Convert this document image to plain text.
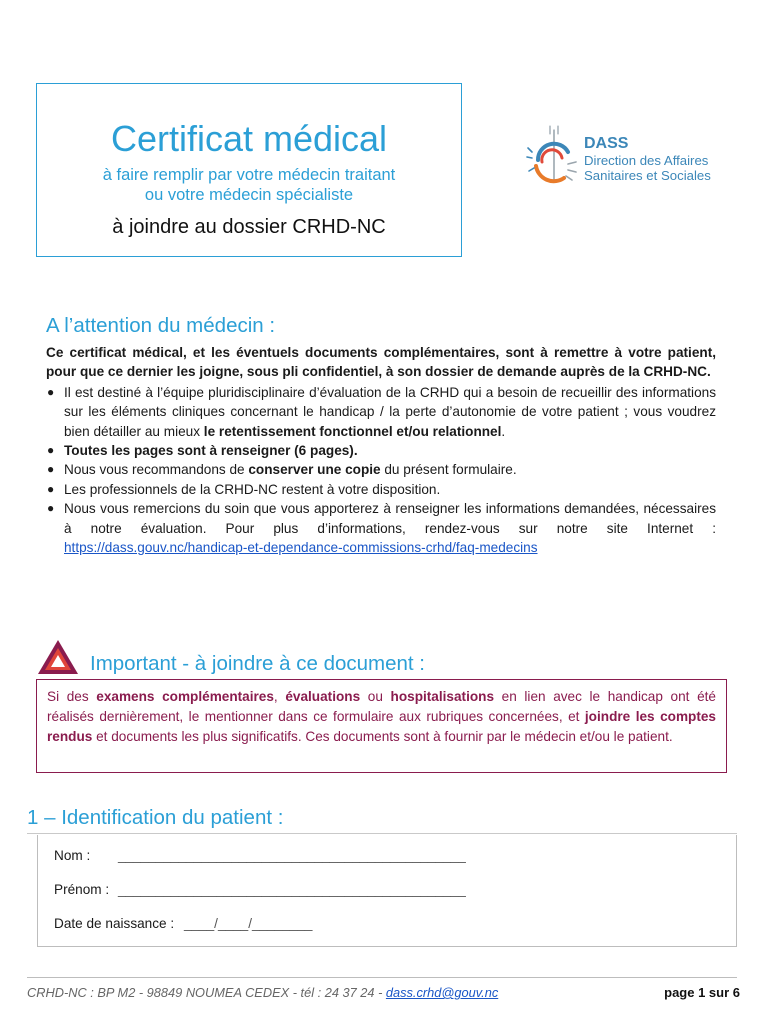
Certificat médical
à faire remplir par votre médecin traitant
ou votre médecin spécialiste
à joindre au dossier CRHD-NC
DASS
Direction des Affaires
Sanitaires et Sociales
A l’attention du médecin :

Ce certificat médical, et les éventuels documents complémentaires, sont à remettre à votre patient, pour que ce dernier les joigne, sous pli confidentiel, à son dossier de demande auprès de la CRHD-NC.

● Il est destiné à l’équipe pluridisciplinaire d’évaluation de la CRHD qui a besoin de recueillir des informations sur les éléments cliniques concernant le handicap / la perte d’autonomie de votre patient ; vous voudrez bien détailler au mieux le retentissement fonctionnel et/ou relationnel.
● Toutes les pages sont à renseigner (6 pages).
● Nous vous recommandons de conserver une copie du présent formulaire.
● Les professionnels de la CRHD-NC restent à votre disposition.
● Nous vous remercions du soin que vous apporterez à renseigner les informations demandées, nécessaires à notre évaluation. Pour plus d’informations, rendez-vous sur notre site Internet : https://dass.gouv.nc/handicap-et-dependance-commissions-crhd/faq-medecins
Important - à joindre à ce document :
Si des examens complémentaires, évaluations ou hospitalisations en lien avec le handicap ont été réalisés dernièrement, le mentionner dans ce formulaire aux rubriques concernées, et joindre les comptes rendus et documents les plus significatifs. Ces documents sont à fournir par le médecin et/ou le patient.
1 – Identification du patient :
Nom : ______________________________________________
Prénom : ______________________________________________
Date de naissance : ____/____/________
CRHD-NC : BP M2 - 98849 NOUMEA CEDEX - tél : 24 37 24 - dass.crhd@gouv.nc	page 1 sur 6
